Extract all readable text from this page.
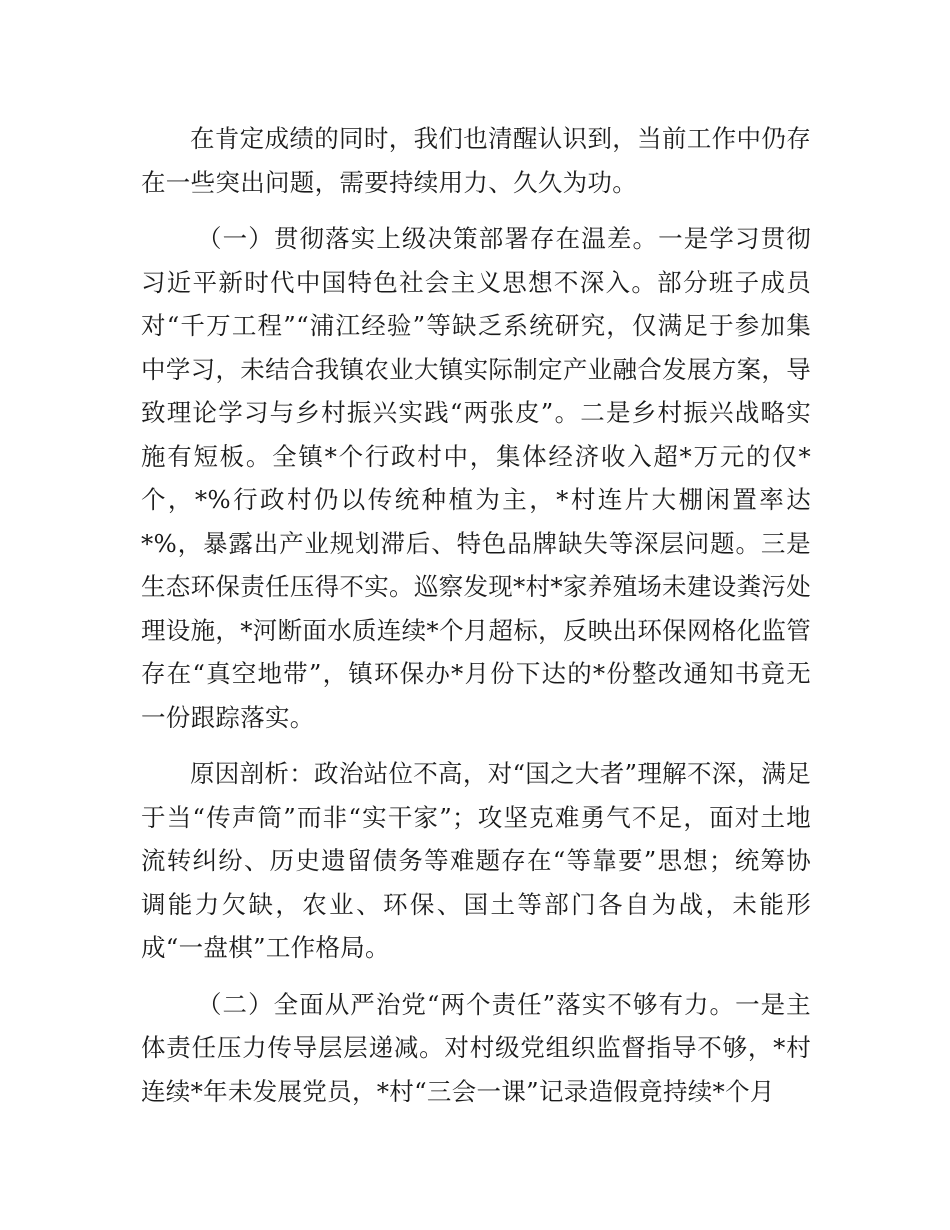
在肯定成绩的同时，我们也清醒认识到，当前工作中仍存在一些突出问题，需要持续用力、久久为功。

（一）贯彻落实上级决策部署存在温差。一是学习贯彻习近平新时代中国特色社会主义思想不深入。部分班子成员对“千万工程”“浦江经验”等缺乏系统研究，仅满足于参加集中学习，未结合我镇农业大镇实际制定产业融合发展方案，导致理论学习与乡村振兴实践“两张皮”。二是乡村振兴战略实施有短板。全镇*个行政村中，集体经济收入超*万元的仅*个，*%行政村仍以传统种植为主，*村连片大棚闲置率达*%，暴露出产业规划滞后、特色品牌缺失等深层问题。三是生态环保责任压得不实。巡察发现*村*家养殖场未建设粪污处理设施，*河断面水质连续*个月超标，反映出环保网格化监管存在“真空地带”，镇环保办*月份下达的*份整改通知书竟无一份跟踪落实。

原因剖析：政治站位不高，对“国之大者”理解不深，满足于当“传声筒”而非“实干家”；攻坚克难勇气不足，面对土地流转纠纷、历史遗留债务等难题存在“等靠要”思想；统筹协调能力欠缺，农业、环保、国土等部门各自为战，未能形成“一盘棋”工作格局。

（二）全面从严治党“两个责任”落实不够有力。一是主体责任压力传导层层递减。对村级党组织监督指导不够，*村连续*年未发展党员，*村“三会一课”记录造假竟持续*个月
